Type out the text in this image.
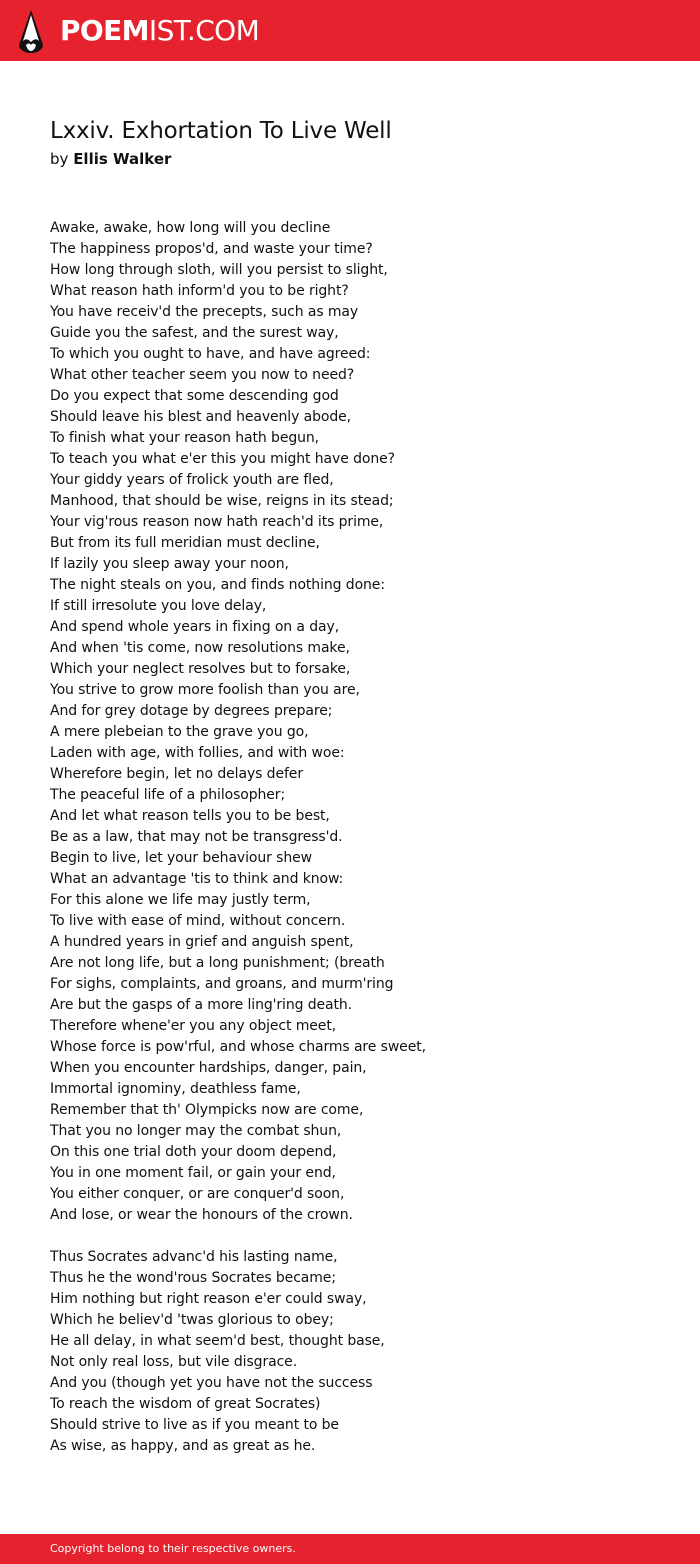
POEMIST.COM
Lxxiv. Exhortation To Live Well
by Ellis Walker
Awake, awake, how long will you decline
The happiness propos'd, and waste your time?
How long through sloth, will you persist to slight,
What reason hath inform'd you to be right?
You have receiv'd the precepts, such as may
Guide you the safest, and the surest way,
To which you ought to have, and have agreed:
What other teacher seem you now to need?
Do you expect that some descending god
Should leave his blest and heavenly abode,
To finish what your reason hath begun,
To teach you what e'er this you might have done?
Your giddy years of frolick youth are fled,
Manhood, that should be wise, reigns in its stead;
Your vig'rous reason now hath reach'd its prime,
But from its full meridian must decline,
If lazily you sleep away your noon,
The night steals on you, and finds nothing done:
If still irresolute you love delay,
And spend whole years in fixing on a day,
And when 'tis come, now resolutions make,
Which your neglect resolves but to forsake,
You strive to grow more foolish than you are,
And for grey dotage by degrees prepare;
A mere plebeian to the grave you go,
Laden with age, with follies, and with woe:
Wherefore begin, let no delays defer
The peaceful life of a philosopher;
And let what reason tells you to be best,
Be as a law, that may not be transgress'd.
Begin to live, let your behaviour shew
What an advantage 'tis to think and know:
For this alone we life may justly term,
To live with ease of mind, without concern.
A hundred years in grief and anguish spent,
Are not long life, but a long punishment; (breath
For sighs, complaints, and groans, and murm'ring
Are but the gasps of a more ling'ring death.
Therefore whene'er you any object meet,
Whose force is pow'rful, and whose charms are sweet,
When you encounter hardships, danger, pain,
Immortal ignominy, deathless fame,
Remember that th' Olympicks now are come,
That you no longer may the combat shun,
On this one trial doth your doom depend,
You in one moment fail, or gain your end,
You either conquer, or are conquer'd soon,
And lose, or wear the honours of the crown.
Thus Socrates advanc'd his lasting name,
Thus he the wond'rous Socrates became;
Him nothing but right reason e'er could sway,
Which he believ'd 'twas glorious to obey;
He all delay, in what seem'd best, thought base,
Not only real loss, but vile disgrace.
And you (though yet you have not the success
To reach the wisdom of great Socrates)
Should strive to live as if you meant to be
As wise, as happy, and as great as he.
Copyright belong to their respective owners.
